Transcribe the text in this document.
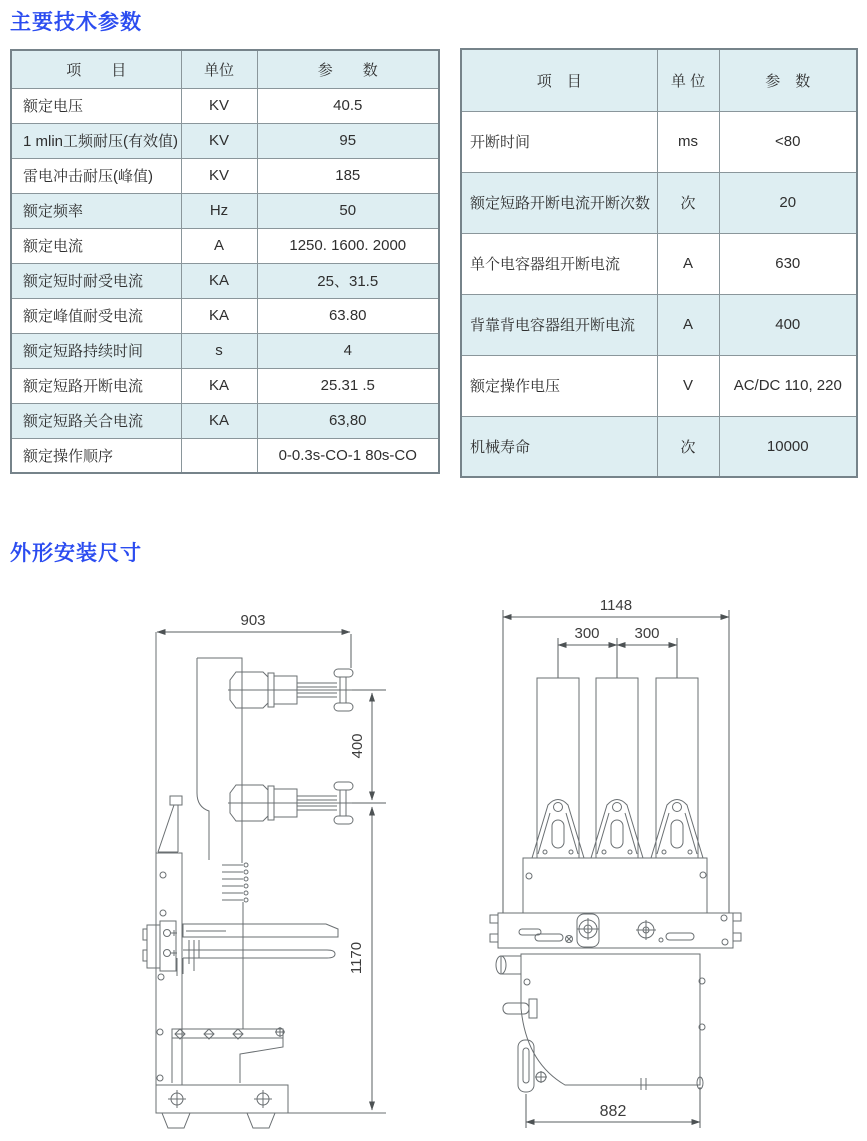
主要技术参数
项　　目	单位	参　　数
额定电压	KV	40.5
1 mlin工频耐压(有效值)	KV	95
雷电冲击耐压(峰值)	KV	185
额定频率	Hz	50
额定电流	A	1250. 1600. 2000
额定短时耐受电流	KA	25、31.5
额定峰值耐受电流	KA	63.80
额定短路持续时间	s	4
额定短路开断电流	KA	25.31 .5
额定短路关合电流	KA	63,80
额定操作顺序		0-0.3s-CO-1 80s-CO
项　目	单 位	参　数
开断时间	ms	<80
额定短路开断电流开断次数	次	20
单个电容器组开断电流	A	630
背靠背电容器组开断电流	A	400
额定操作电压	V	AC/DC 110, 220
机械寿命	次	10000
外形安装尺寸
903
400
1170
1148
300 300
882
